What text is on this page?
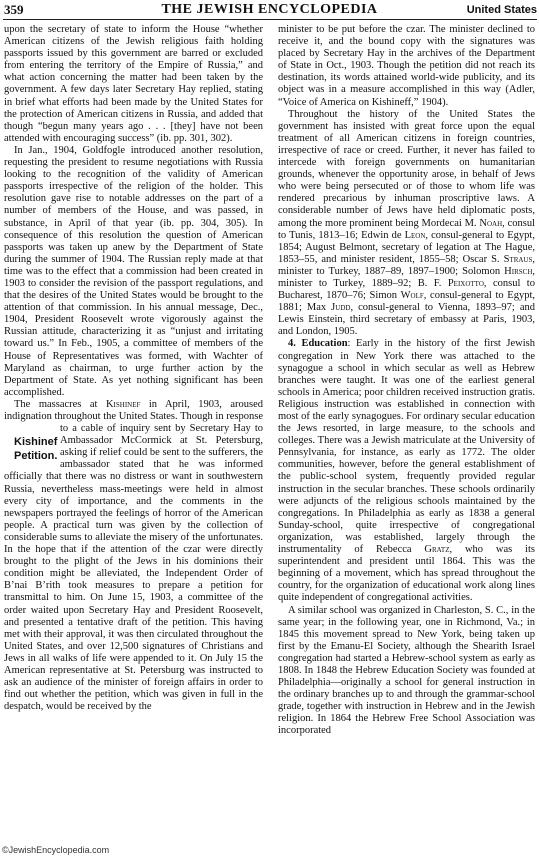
359	THE JEWISH ENCYCLOPEDIA	United States

upon the secretary of state to inform the House “whether American citizens of the Jewish religious faith holding passports issued by this government are barred or excluded from entering the territory of the Empire of Russia,” and what action concerning the matter had been taken by the government. A few days later Secretary Hay replied, stating in brief what efforts had been made by the United States for the protection of American citizens in Russia, and added that though “begun many years ago . . . [they] have not been attended with encouraging success” (ib. pp. 301, 302).

In Jan., 1904, Goldfogle introduced another resolution, requesting the president to resume negotiations with Russia looking to the recognition of the validity of American passports irrespective of the religion of the holder. This resolution gave rise to notable addresses on the part of a number of members of the House, and was passed, in substance, in April of that year (ib. pp. 304, 305). In consequence of this resolution the question of American passports was taken up anew by the Department of State during the summer of 1904. The Russian reply made at that time was to the effect that a commission had been created in 1903 to consider the revision of the passport regulations, and that the desires of the United States would be brought to the attention of that commission. In his annual message, Dec., 1904, President Roosevelt wrote vigorously against the Russian attitude, characterizing it as “unjust and irritating toward us.” In Feb., 1905, a committee of members of the House of Representatives was formed, with Wachter of Maryland as chairman, to urge further action by the Department of State. As yet nothing significant has been accomplished.

The massacres at Kishinef in April, 1903, aroused indignation throughout the United States. Though in response to a cable of inquiry sent by
Kishinef
Petition.
Secretary Hay to Ambassador McCormick at St. Petersburg, asking if relief could be sent to the sufferers, the ambassador stated that he was informed officially that there was no distress or want in southwestern Russia, nevertheless mass-meetings were held in almost every city of importance, and the comments in the newspapers portrayed the feelings of horror of the American people. A practical turn was given by the collection of considerable sums to alleviate the misery of the unfortunates. In the hope that if the attention of the czar were directly brought to the plight of the Jews in his dominions their condition might be alleviated, the Independent Order of B’nai B’rith took measures to prepare a petition for transmittal to him. On June 15, 1903, a committee of the order waited upon Secretary Hay and President Roosevelt, and presented a tentative draft of the petition. This having met with their approval, it was then circulated throughout the United States, and over 12,500 signatures of Christians and Jews in all walks of life were appended to it. On July 15 the American representative at St. Petersburg was instructed to ask an audience of the minister of foreign affairs in order to find out whether the petition, which was given in full in the despatch, would be received by the

minister to be put before the czar. The minister declined to receive it, and the bound copy with the signatures was placed by Secretary Hay in the archives of the Department of State in Oct., 1903. Though the petition did not reach its destination, its words attained world-wide publicity, and its object was in a measure accomplished in this way (Adler, “Voice of America on Kishineff,” 1904).

Throughout the history of the United States the government has insisted with great force upon the equal treatment of all American citizens in foreign countries, irrespective of race or creed. Further, it never has failed to intercede with foreign governments on humanitarian grounds, whenever the opportunity arose, in behalf of Jews who were being persecuted or of those to whom life was rendered precarious by inhuman proscriptive laws. A considerable number of Jews have held diplomatic posts, among the more prominent being Mordecai M. Noah, consul to Tunis, 1813–16; Edwin de Leon, consul-general to Egypt, 1854; August Belmont, secretary of legation at The Hague, 1853–55, and minister resident, 1855–58; Oscar S. Straus, minister to Turkey, 1887–89, 1897–1900; Solomon Hirsch, minister to Turkey, 1889–92; B. F. Peixotto, consul to Bucharest, 1870–76; Simon Wolf, consul-general to Egypt, 1881; Max Judd, consul-general to Vienna, 1893–97; and Lewis Einstein, third secretary of embassy at Paris, 1903, and London, 1905.

4. Education: Early in the history of the first Jewish congregation in New York there was attached to the synagogue a school in which secular as well as Hebrew branches were taught. It was one of the earliest general schools in America; poor children received instruction gratis. Religious instruction was established in connection with most of the early synagogues. For ordinary secular education the Jews resorted, in large measure, to the schools and colleges. There was a Jewish matriculate at the University of Pennsylvania, for instance, as early as 1772. The older communities, however, before the general establishment of the public-school system, frequently provided regular instruction in the secular branches. These schools ordinarily were adjuncts of the religious schools maintained by the congregations. In Philadelphia as early as 1838 a general Sunday-school, quite irrespective of congregational organization, was established, largely through the instrumentality of Rebecca Gratz, who was its superintendent and president until 1864. This was the beginning of a movement, which has spread throughout the country, for the organization of educational work along lines quite independent of congregational activities.

A similar school was organized in Charleston, S. C., in the same year; in the following year, one in Richmond, Va.; in 1845 this movement spread to New York, being taken up first by the Emanu-El Society, although the Shearith Israel congregation had started a Hebrew-school system as early as 1808. In 1848 the Hebrew Education Society was founded at Philadelphia—originally a school for general instruction in the ordinary branches up to and through the grammar-school grade, together with instruction in Hebrew and in the Jewish religion. In 1864 the Hebrew Free School Association was incorporated

©JewishEncyclopedia.com
